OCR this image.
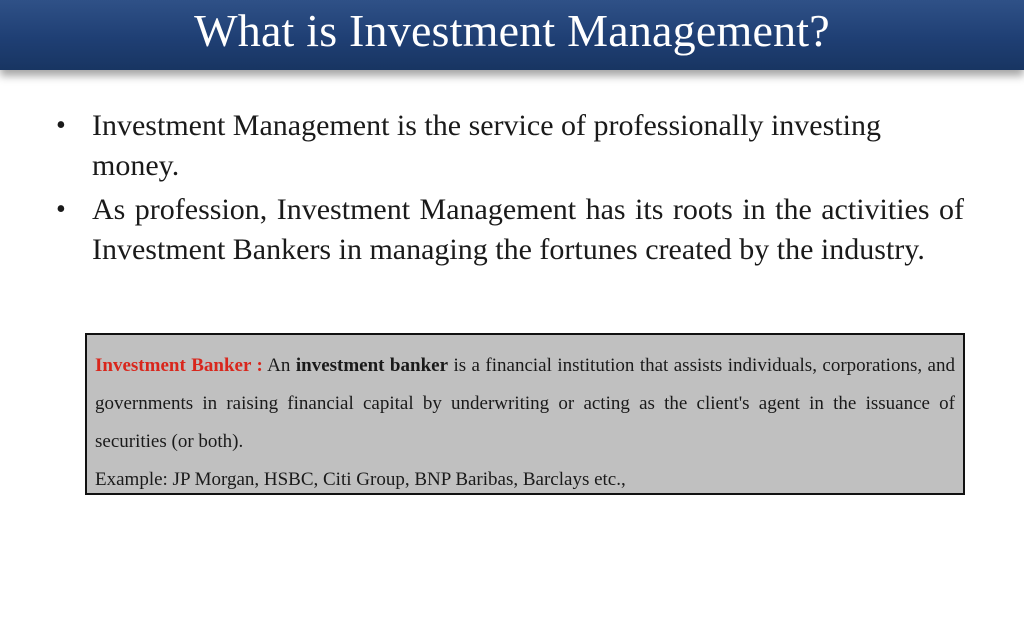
What is Investment Management?
• Investment Management is the service of professionally investing money.
• As profession, Investment Management has its roots in the activities of Investment Bankers in managing the fortunes created by the industry.

Investment Banker : An investment banker is a financial institution that assists individuals, corporations, and governments in raising financial capital by underwriting or acting as the client's agent in the issuance of securities (or both).

Example: JP Morgan, HSBC, Citi Group, BNP Baribas, Barclays etc.,
